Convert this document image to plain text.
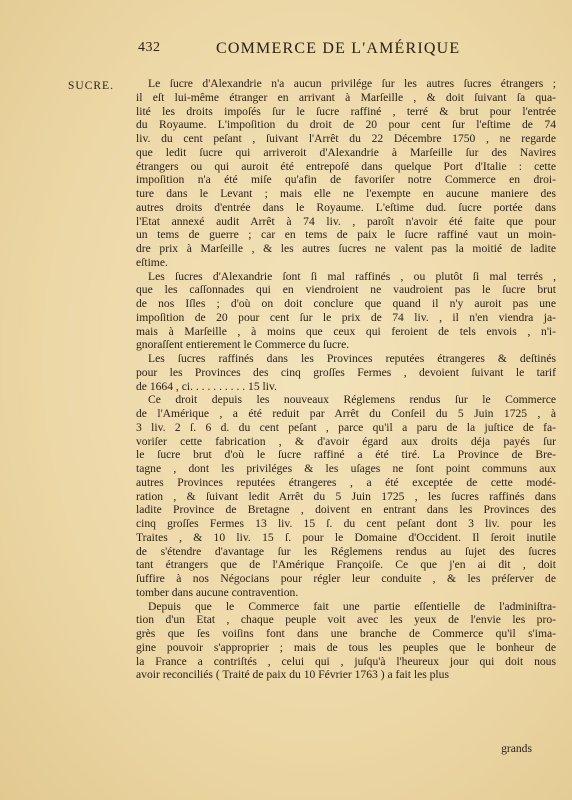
432	COMMERCE DE L'AMÉRIQUE
SUCRE.	Le ſucre d'Alexandrie n'a aucun privilége ſur les autres ſucres étrangers ;
il eſt lui-même étranger en arrivant à Marſeille , & doit ſuivant ſa qua-
lité les droits impoſés ſur le ſucre raffiné , terré & brut pour l'entrée
du Royaume. L'impoſition du droit de 20 pour cent ſur l'eſtime de 74
liv. du cent peſant , ſuivant l'Arrêt du 22 Décembre 1750 , ne regarde
que ledit ſucre qui arriveroit d'Alexandrie à Marſeille ſur des Navires
étrangers ou qui auroit été entrepoſé dans quelque Port d'Italie : cette
impoſition n'a été miſe qu'afin de favoriſer notre Commerce en droi-
ture dans le Levant ; mais elle ne l'exempte en aucune maniere des
autres droits d'entrée dans le Royaume. L'eſtime dud. ſucre portée dans
l'Etat annexé audit Arrêt à 74 liv. , paroît n'avoir été faite que pour
un tems de guerre ; car en tems de paix le ſucre raffiné vaut un moin-
dre prix à Marſeille , & les autres ſucres ne valent pas la moitié de ladite
eſtime.
Les ſucres d'Alexandrie ſont ſi mal raffinés , ou plutôt ſi mal terrés ,
que les caſſonnades qui en viendroient ne vaudroient pas le ſucre brut
de nos Iſles ; d'où on doit conclure que quand il n'y auroit pas une
impoſition de 20 pour cent ſur le prix de 74 liv. , il n'en viendra ja-
mais à Marſeille , à moins que ceux qui feroient de tels envois , n'i-
gnoraſſent entierement le Commerce du ſucre.
Les ſucres raffinés dans les Provinces reputées étrangeres & deſtinés
pour les Provinces des cinq groſſes Fermes , devoient ſuivant le tarif
de 1664 , ci. . . . . . . . . . 15 liv.
Ce droit depuis les nouveaux Réglemens rendus ſur le Commerce
de l'Amérique , a été reduit par Arrêt du Conſeil du 5 Juin 1725 , à
3 liv. 2 ſ. 6 d. du cent peſant , parce qu'il a paru de la juſtice de fa-
voriſer cette fabrication , & d'avoir égard aux droits déja payés ſur
le ſucre brut d'où le ſucre raffiné a été tiré. La Province de Bre-
tagne , dont les priviléges & les uſages ne ſont point communs aux
autres Provinces reputées étrangeres , a été exceptée de cette modé-
ration , & ſuivant ledit Arrêt du 5 Juin 1725 , les ſucres raffinés dans
ladite Province de Bretagne , doivent en entrant dans les Provinces des
cinq groſſes Fermes 13 liv. 15 ſ. du cent peſant dont 3 liv. pour les
Traites , & 10 liv. 15 ſ. pour le Domaine d'Occident. Il ſeroit inutile
de s'étendre d'avantage ſur les Réglemens rendus au ſujet des ſucres
tant étrangers que de l'Amérique Françoiſe. Ce que j'en ai dit , doit
ſuffire à nos Négocians pour régler leur conduite , & les préſerver de
tomber dans aucune contravention.
Depuis que le Commerce fait une partie eſſentielle de l'adminiſtra-
tion d'un Etat , chaque peuple voit avec les yeux de l'envie les pro-
grès que ſes voiſins font dans une branche de Commerce qu'il s'ima-
gine pouvoir s'approprier ; mais de tous les peuples que le bonheur de
la France a contriſtés , celui qui , juſqu'à l'heureux jour qui doit nous
avoir reconciliés ( Traité de paix du 10 Février 1763 ) a fait les plus
grands
